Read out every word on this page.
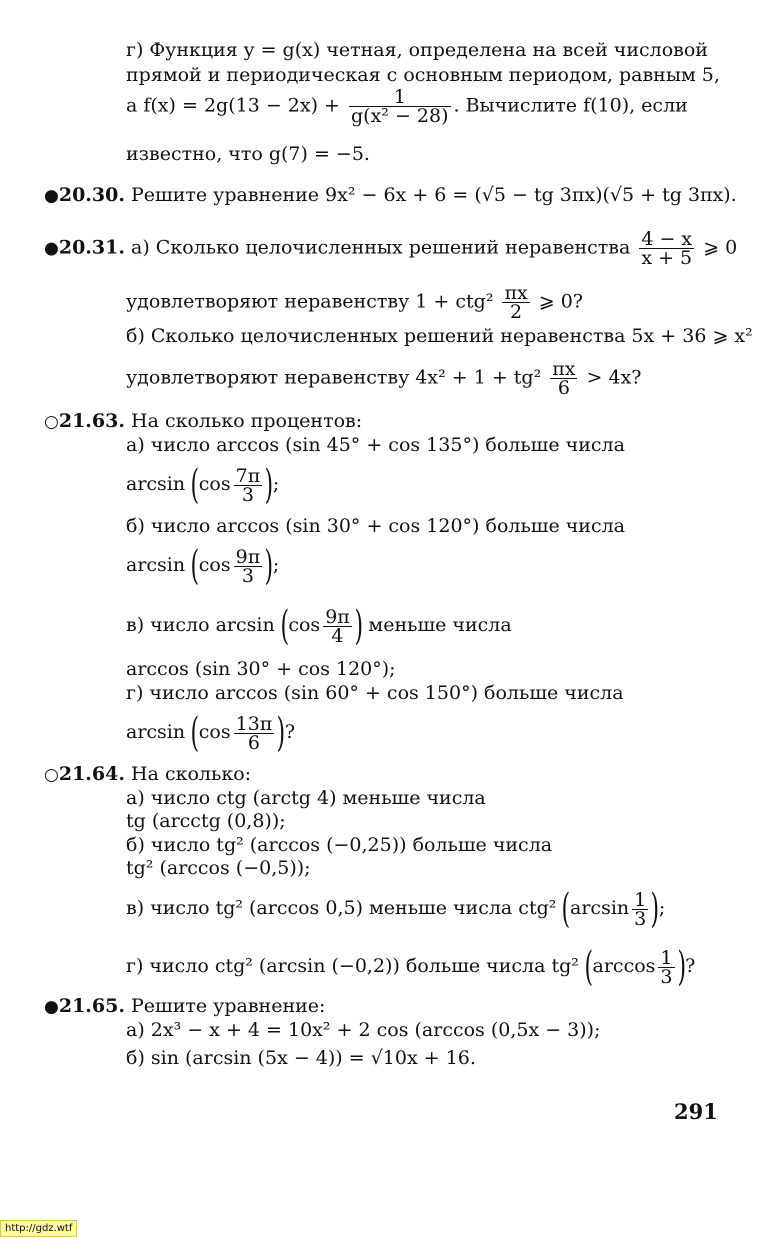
г) Функция y = g(x) четная, определена на всей числовой
прямой и периодическая с основным периодом, равным 5,
а $f(x) = 2g(13 - 2x) + \frac{1}{\text{g(x² − 28)}}$ . Вычислите f(10), если
известно, что g(7) = −5.
●20.30. Решите уравнение 9x² − 6x + 6 = (√5 − tg 3πx)(√5 + tg 3πx).
●20.31. а) Сколько целочисленных решений неравенства $\frac{4 - x}{x + 5}$ ⩾ 0
удовлетворяют неравенству $1 + ctg^2 \frac{\pi x}{2}$ ⩾ 0?
б) Сколько целочисленных решений неравенства 5x + 36 ⩾ x²
удовлетворяют неравенству $4x^2 + 1 + tg^2 \frac{\pi x}{6} > 4x$?
○21.63. На сколько процентов:
а) число arccos (sin 45° + cos 135°) больше числа
$\arcsin (\cos \frac{7\pi}{3}$ );
б) число arccos (sin 30° + cos 120°) больше числа
$\arcsin (\cos \frac{9\pi}{3}$ );
в) число $\arcsin (\cos \frac{9\pi}{4}$ ) меньше числа
arccos (sin 30° + cos 120°);
г) число arccos (sin 60° + cos 150°) больше числа
$\arcsin (\cos \frac{13\pi}{6}$ )?
○21.64. На сколько:
а) число ctg (arctg 4) меньше числа
tg (arcctg (0,8));
б) число tg² (arccos (−0,25)) больше числа
tg² (arccos (−0,5));
в) число tg² (arccos 0,5) меньше числа ctg² ($\arcsin \frac{1}{3}$ );
г) число ctg² (arcsin (−0,2)) больше числа tg² ($\arccos \frac{1}{3}$ )?
●21.65. Решите уравнение:
а) 2x³ − x + 4 = 10x² + 2 cos (arccos (0,5x − 3));
б) sin (arcsin (5x − 4)) = √10x + 16.
291
http://gdz.wtf
